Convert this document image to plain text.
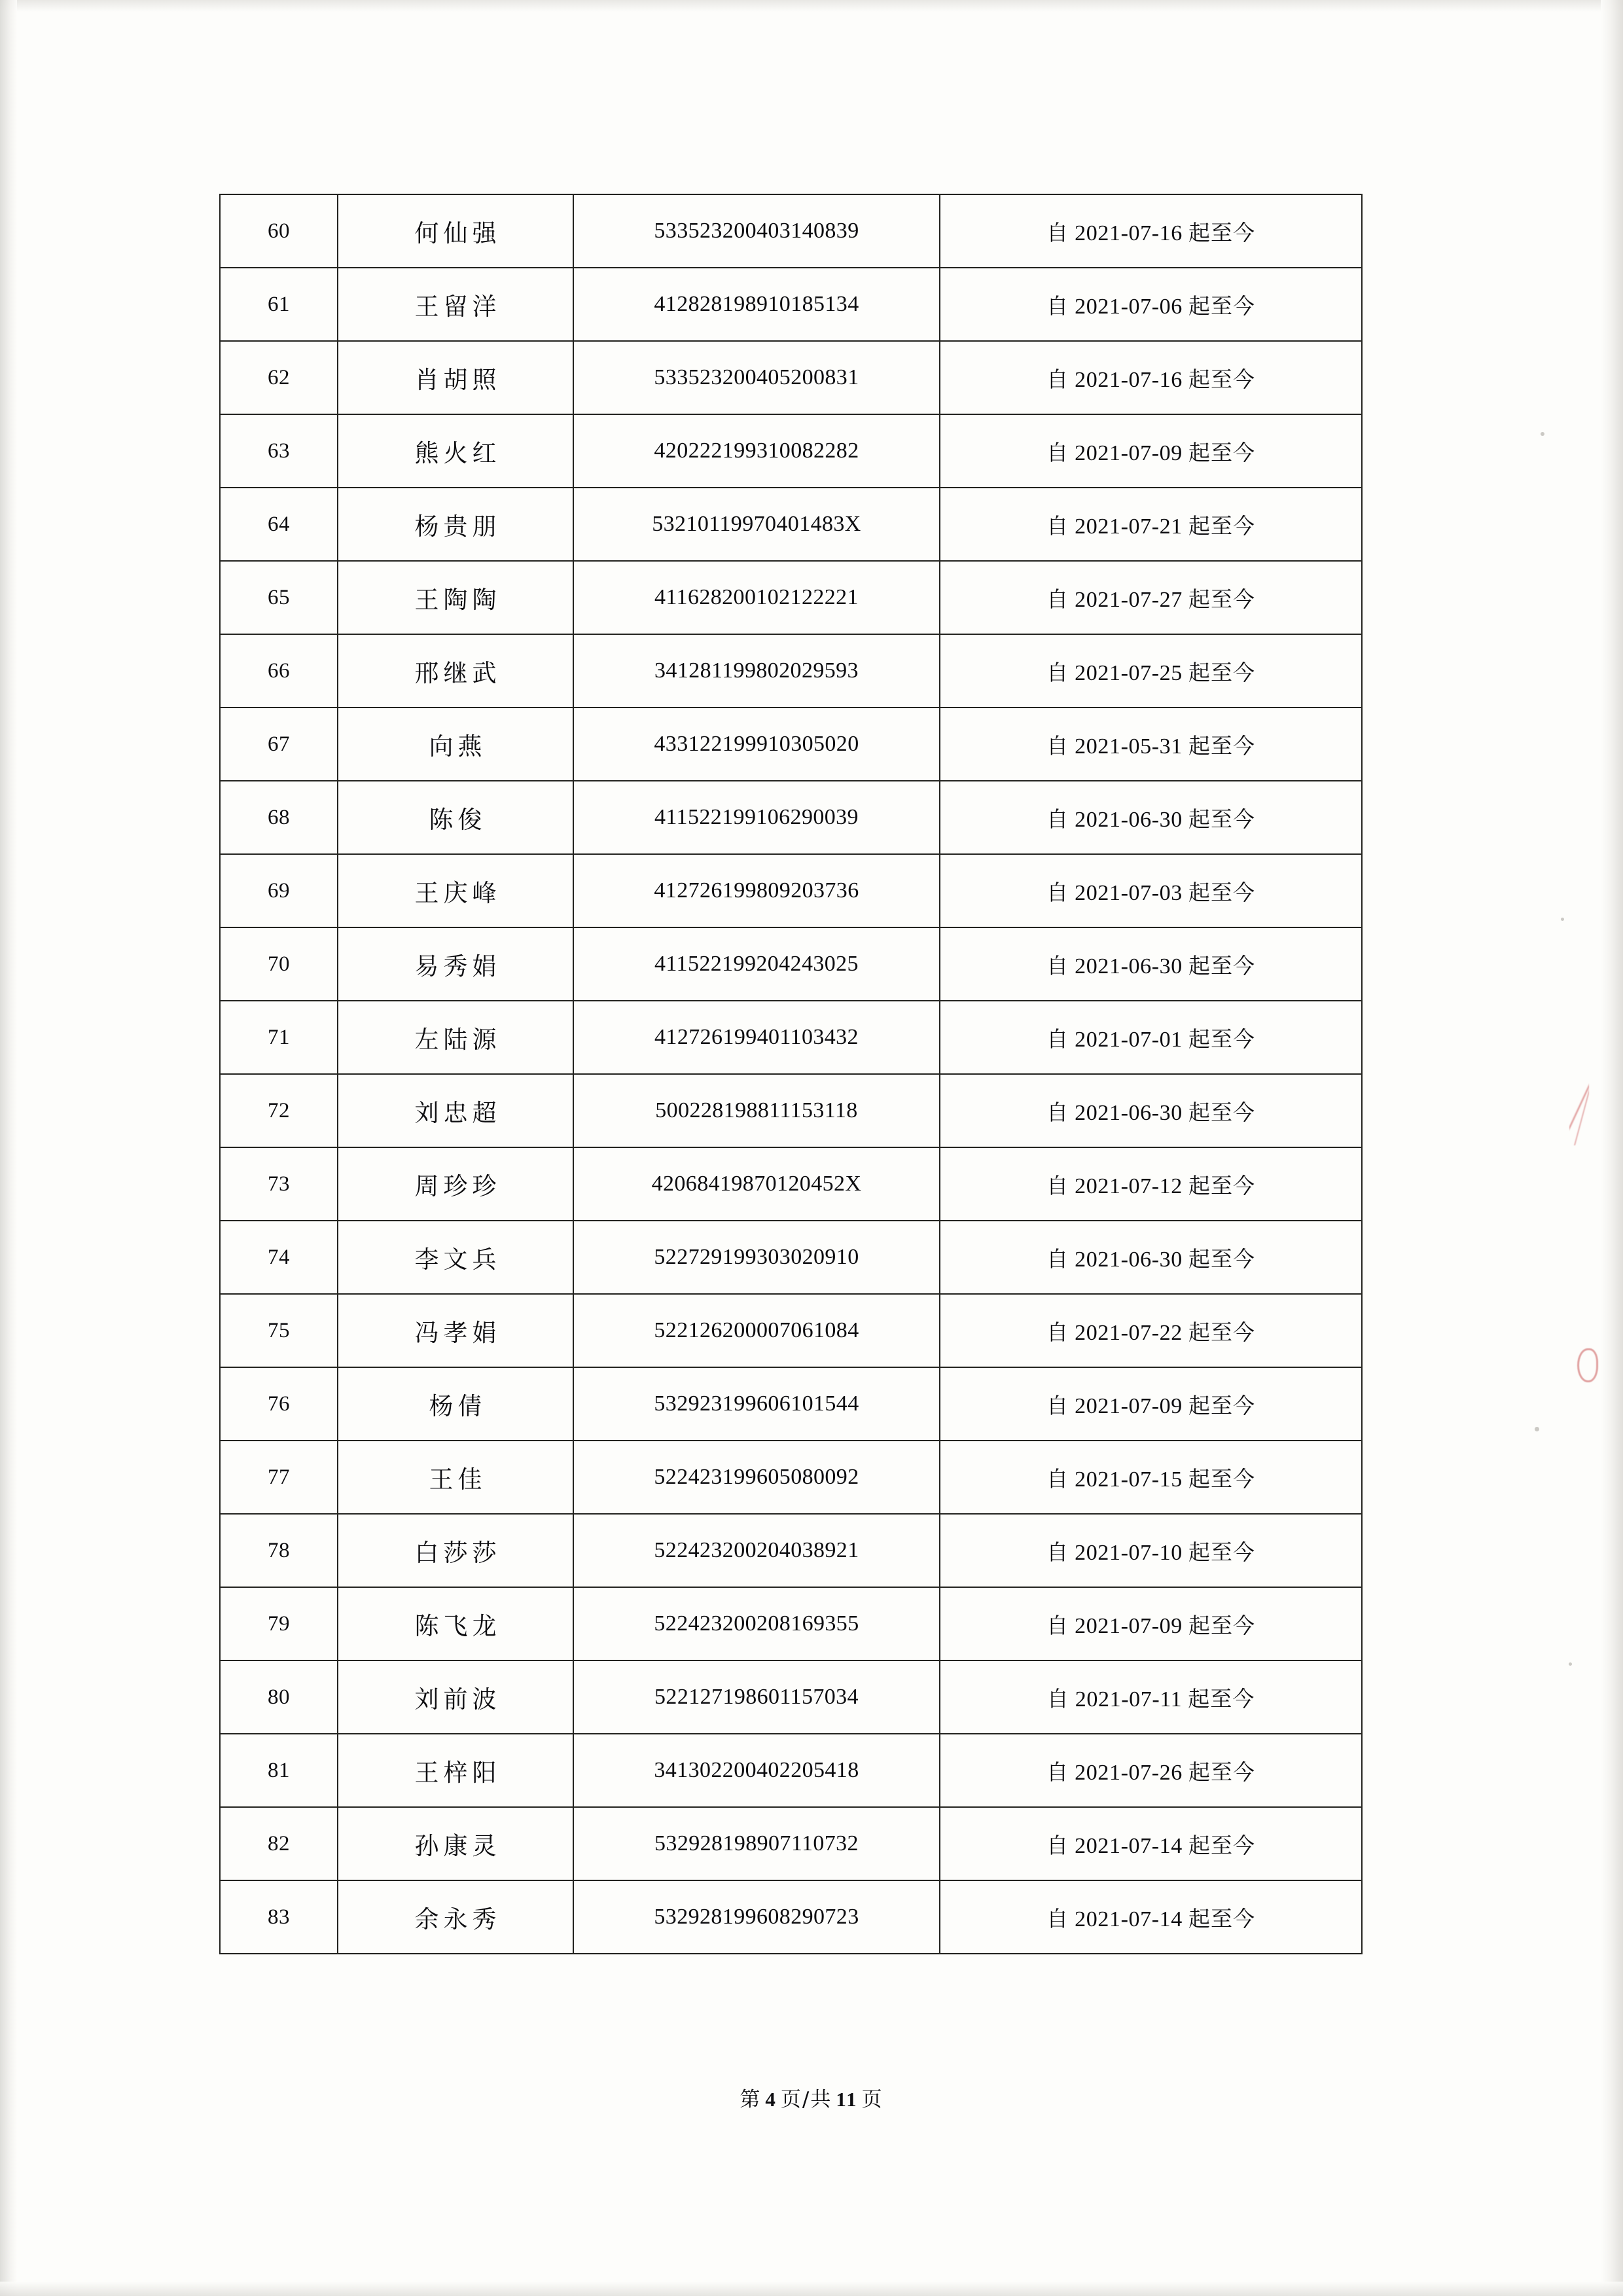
60	何仙强	533523200403140839	自 2021-07-16 起至今
61	王留洋	412828198910185134	自 2021-07-06 起至今
62	肖胡照	533523200405200831	自 2021-07-16 起至今
63	熊火红	420222199310082282	自 2021-07-09 起至今
64	杨贵朋	53210119970401483X	自 2021-07-21 起至今
65	王陶陶	411628200102122221	自 2021-07-27 起至今
66	邢继武	341281199802029593	自 2021-07-25 起至今
67	向燕	433122199910305020	自 2021-05-31 起至今
68	陈俊	411522199106290039	自 2021-06-30 起至今
69	王庆峰	412726199809203736	自 2021-07-03 起至今
70	易秀娟	411522199204243025	自 2021-06-30 起至今
71	左陆源	412726199401103432	自 2021-07-01 起至今
72	刘忠超	500228198811153118	自 2021-06-30 起至今
73	周珍珍	42068419870120452X	自 2021-07-12 起至今
74	李文兵	522729199303020910	自 2021-06-30 起至今
75	冯孝娟	522126200007061084	自 2021-07-22 起至今
76	杨倩	532923199606101544	自 2021-07-09 起至今
77	王佳	522423199605080092	自 2021-07-15 起至今
78	白莎莎	522423200204038921	自 2021-07-10 起至今
79	陈飞龙	522423200208169355	自 2021-07-09 起至今
80	刘前波	522127198601157034	自 2021-07-11 起至今
81	王梓阳	341302200402205418	自 2021-07-26 起至今
82	孙康灵	532928198907110732	自 2021-07-14 起至今
83	余永秀	532928199608290723	自 2021-07-14 起至今
第 4 页/共 11 页
